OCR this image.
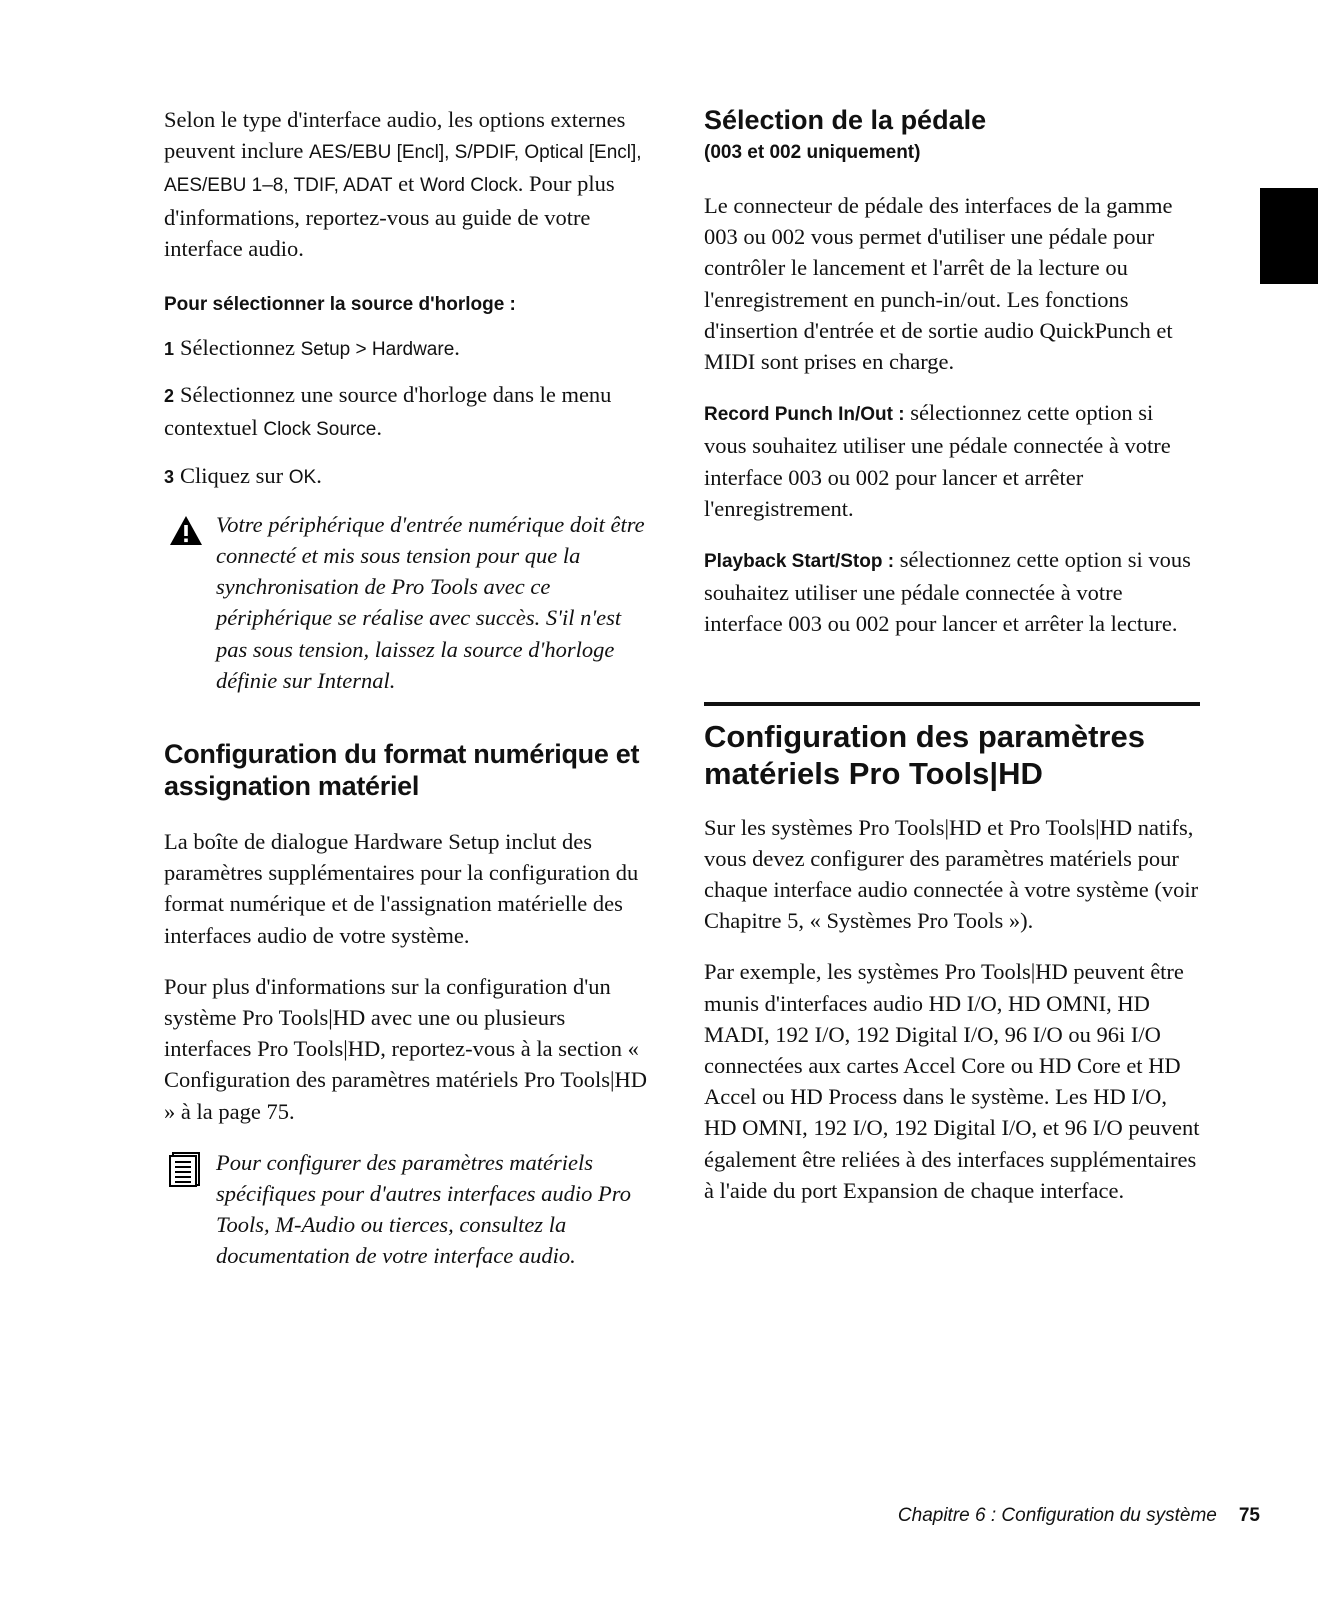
Selon le type d'interface audio, les options externes peuvent inclure AES/EBU [Encl], S/PDIF, Optical [Encl], AES/EBU 1–8, TDIF, ADAT et Word Clock. Pour plus d'informations, reportez-vous au guide de votre interface audio.

Pour sélectionner la source d'horloge :
1 Sélectionnez Setup > Hardware.
2 Sélectionnez une source d'horloge dans le menu contextuel Clock Source.
3 Cliquez sur OK.
Votre périphérique d'entrée numérique doit être connecté et mis sous tension pour que la synchronisation de Pro Tools avec ce périphérique se réalise avec succès. S'il n'est pas sous tension, laissez la source d'horloge définie sur Internal.
Configuration du format numérique et assignation matériel

La boîte de dialogue Hardware Setup inclut des paramètres supplémentaires pour la configuration du format numérique et de l'assignation matérielle des interfaces audio de votre système.

Pour plus d'informations sur la configuration d'un système Pro Tools|HD avec une ou plusieurs interfaces Pro Tools|HD, reportez-vous à la section « Configuration des paramètres matériels Pro Tools|HD » à la page 75.

Pour configurer des paramètres matériels spécifiques pour d'autres interfaces audio Pro Tools, M-Audio ou tierces, consultez la documentation de votre interface audio.
Sélection de la pédale
(003 et 002 uniquement)

Le connecteur de pédale des interfaces de la gamme 003 ou 002 vous permet d'utiliser une pédale pour contrôler le lancement et l'arrêt de la lecture ou l'enregistrement en punch-in/out. Les fonctions d'insertion d'entrée et de sortie audio QuickPunch et MIDI sont prises en charge.

Record Punch In/Out : sélectionnez cette option si vous souhaitez utiliser une pédale connectée à votre interface 003 ou 002 pour lancer et arrêter l'enregistrement.

Playback Start/Stop : sélectionnez cette option si vous souhaitez utiliser une pédale connectée à votre interface 003 ou 002 pour lancer et arrêter la lecture.

Configuration des paramètres matériels Pro Tools|HD

Sur les systèmes Pro Tools|HD et Pro Tools|HD natifs, vous devez configurer des paramètres matériels pour chaque interface audio connectée à votre système (voir Chapitre 5, « Systèmes Pro Tools »).

Par exemple, les systèmes Pro Tools|HD peuvent être munis d'interfaces audio HD I/O, HD OMNI, HD MADI, 192 I/O, 192 Digital I/O, 96 I/O ou 96i I/O connectées aux cartes Accel Core ou HD Core et HD Accel ou HD Process dans le système. Les HD I/O, HD OMNI, 192 I/O, 192 Digital I/O, et 96 I/O peuvent également être reliées à des interfaces supplémentaires à l'aide du port Expansion de chaque interface.

Chapitre 6 : Configuration du système 75
